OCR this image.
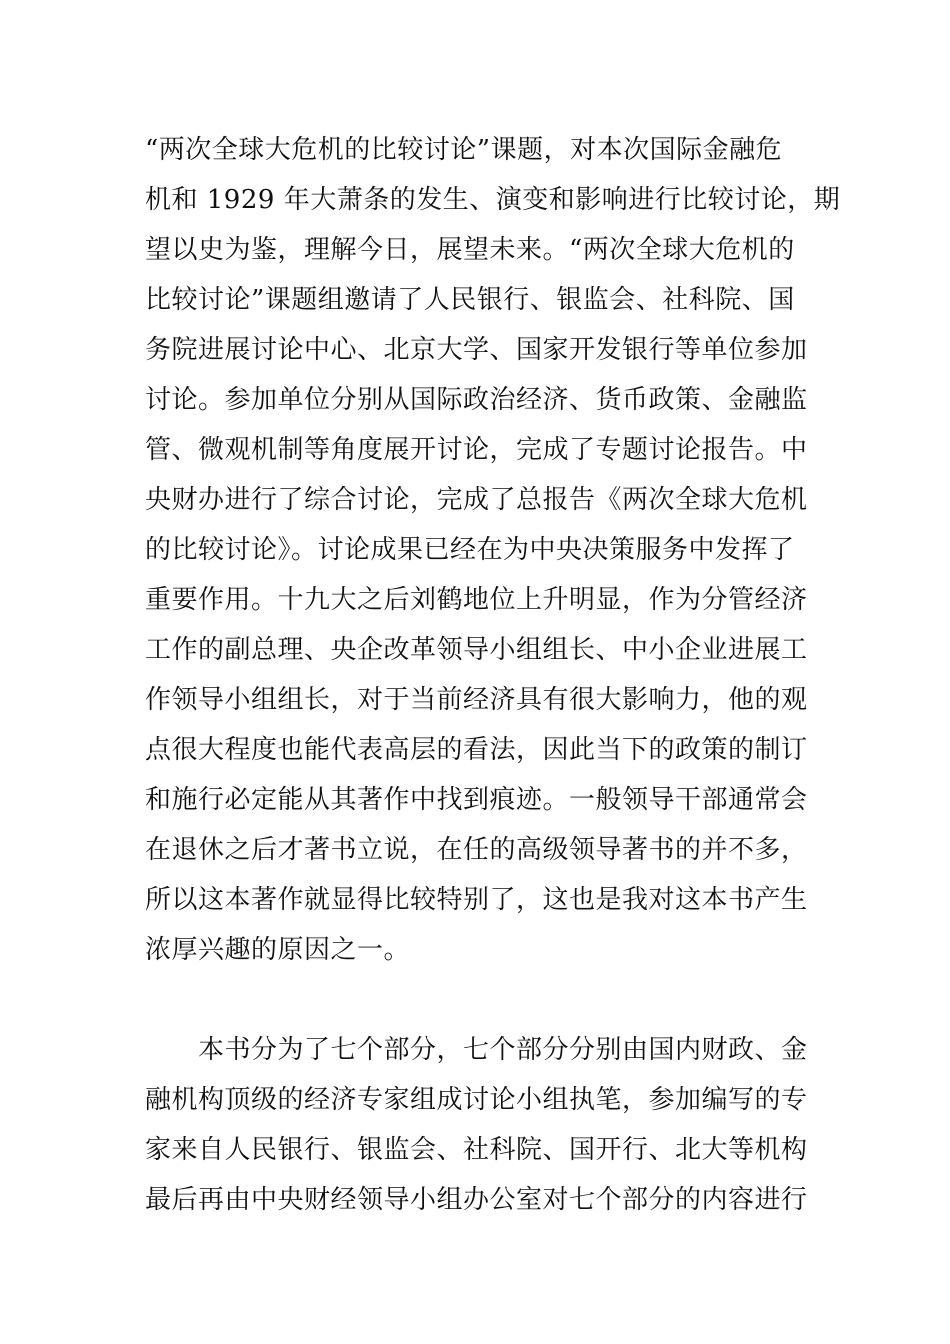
“两次全球大危机的比较讨论”课题，对本次国际金融危
机和 1929 年大萧条的发生、演变和影响进行比较讨论，期
望以史为鉴，理解今日，展望未来。“两次全球大危机的
比较讨论”课题组邀请了人民银行、银监会、社科院、国
务院进展讨论中心、北京大学、国家开发银行等单位参加
讨论。参加单位分别从国际政治经济、货币政策、金融监
管、微观机制等角度展开讨论，完成了专题讨论报告。中
央财办进行了综合讨论，完成了总报告《两次全球大危机
的比较讨论》。讨论成果已经在为中央决策服务中发挥了
重要作用。十九大之后刘鹤地位上升明显，作为分管经济
工作的副总理、央企改革领导小组组长、中小企业进展工
作领导小组组长，对于当前经济具有很大影响力，他的观
点很大程度也能代表高层的看法，因此当下的政策的制订
和施行必定能从其著作中找到痕迹。一般领导干部通常会
在退休之后才著书立说，在任的高级领导著书的并不多，
所以这本著作就显得比较特别了，这也是我对这本书产生
浓厚兴趣的原因之一。
本书分为了七个部分，七个部分分别由国内财政、金
融机构顶级的经济专家组成讨论小组执笔，参加编写的专
家来自人民银行、银监会、社科院、国开行、北大等机构
最后再由中央财经领导小组办公室对七个部分的内容进行
